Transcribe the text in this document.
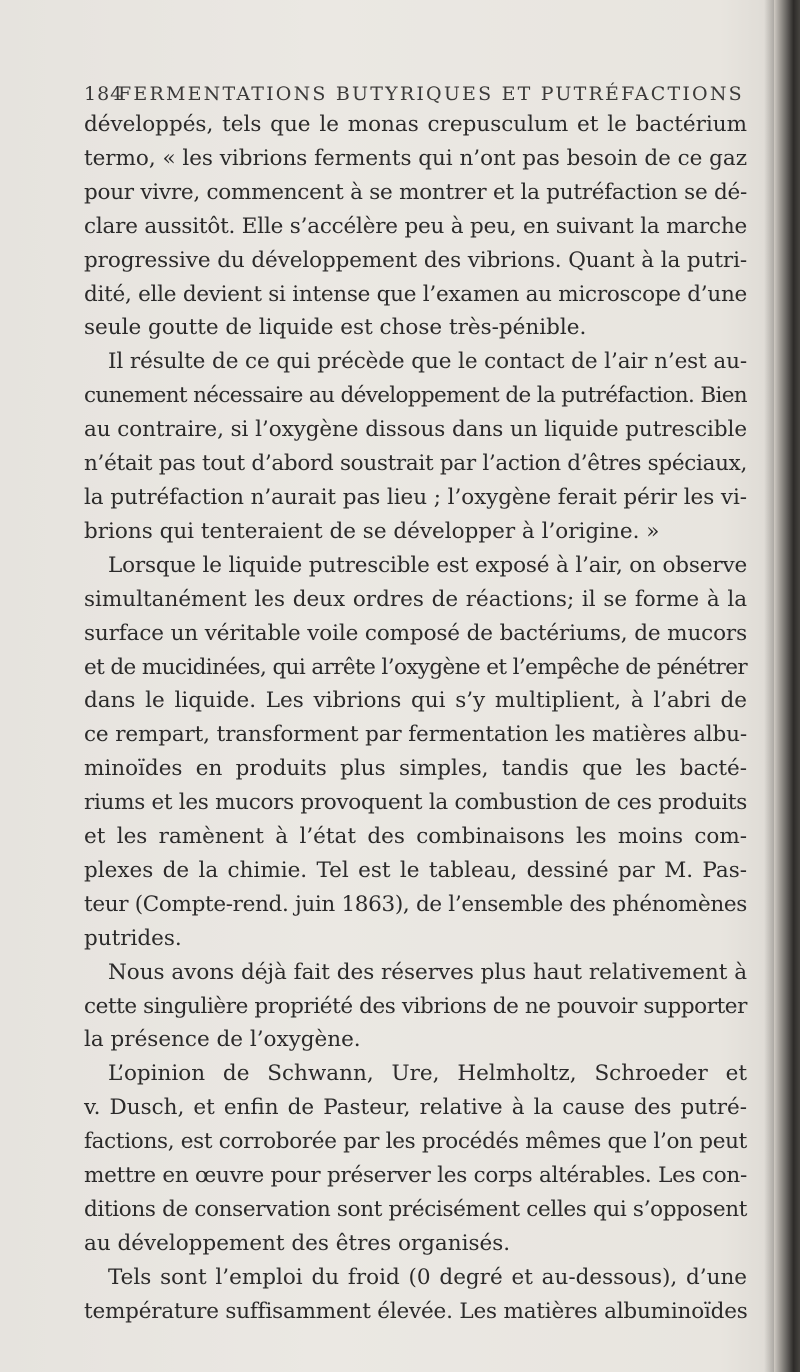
184FERMENTATIONS BUTYRIQUES ET PUTRÉFACTIONS

développés, tels que le monas crepusculum et le bactérium
termo, « les vibrions ferments qui n’ont pas besoin de ce gaz
pour vivre, commencent à se montrer et la putréfaction se dé-
clare aussitôt. Elle s’accélère peu à peu, en suivant la marche
progressive du développement des vibrions. Quant à la putri-
dité, elle devient si intense que l’examen au microscope d’une
seule goutte de liquide est chose très-pénible.

Il résulte de ce qui précède que le contact de l’air n’est au-
cunement nécessaire au développement de la putréfaction. Bien
au contraire, si l’oxygène dissous dans un liquide putrescible
n’était pas tout d’abord soustrait par l’action d’êtres spéciaux,
la putréfaction n’aurait pas lieu ; l’oxygène ferait périr les vi-
brions qui tenteraient de se développer à l’origine. »

Lorsque le liquide putrescible est exposé à l’air, on observe
simultanément les deux ordres de réactions; il se forme à la
surface un véritable voile composé de bactériums, de mucors
et de mucidinées, qui arrête l’oxygène et l’empêche de pénétrer
dans le liquide. Les vibrions qui s’y multiplient, à l’abri de
ce rempart, transforment par fermentation les matières albu-
minoïdes en produits plus simples, tandis que les bacté-
riums et les mucors provoquent la combustion de ces produits
et les ramènent à l’état des combinaisons les moins com-
plexes de la chimie. Tel est le tableau, dessiné par M. Pas-
teur (Compte-rend. juin 1863), de l’ensemble des phénomènes
putrides.

Nous avons déjà fait des réserves plus haut relativement à
cette singulière propriété des vibrions de ne pouvoir supporter
la présence de l’oxygène.

L’opinion de Schwann, Ure, Helmholtz, Schroeder et
v. Dusch, et enfin de Pasteur, relative à la cause des putré-
factions, est corroborée par les procédés mêmes que l’on peut
mettre en œuvre pour préserver les corps altérables. Les con-
ditions de conservation sont précisément celles qui s’opposent
au développement des êtres organisés.

Tels sont l’emploi du froid (0 degré et au-dessous), d’une
température suffisamment élevée. Les matières albuminoïdes
